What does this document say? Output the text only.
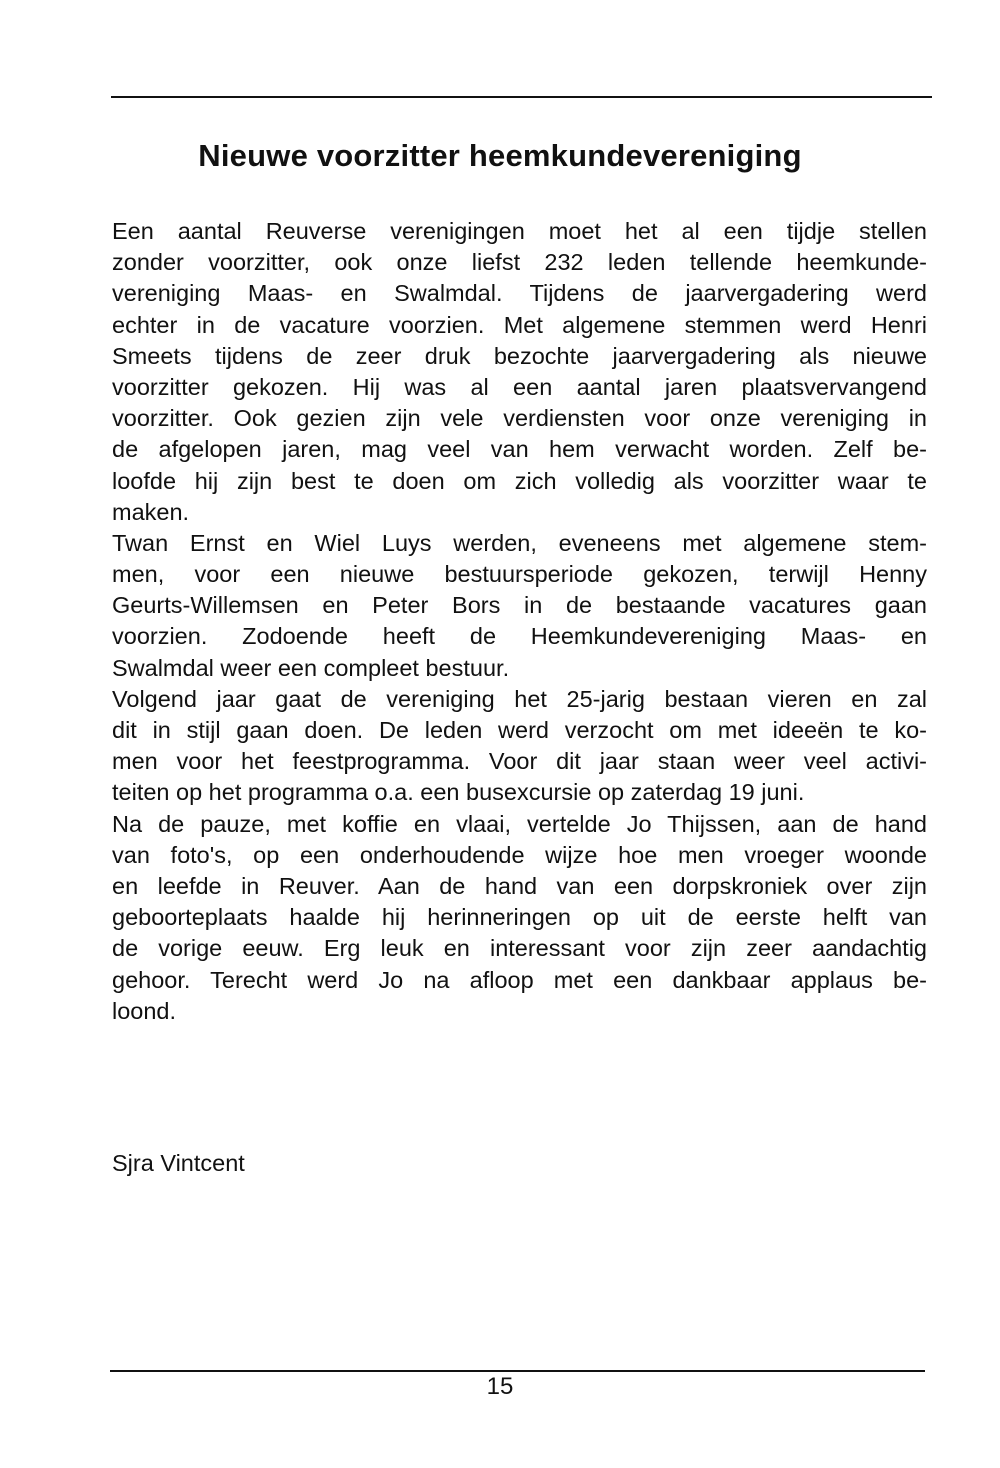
Nieuwe voorzitter heemkundevereniging
Een aantal Reuverse verenigingen moet het al een tijdje stellen
zonder voorzitter, ook onze liefst 232 leden tellende heemkunde-
vereniging Maas- en Swalmdal. Tijdens de jaarvergadering werd
echter in de vacature voorzien. Met algemene stemmen werd Henri
Smeets tijdens de zeer druk bezochte jaarvergadering als nieuwe
voorzitter gekozen. Hij was al een aantal jaren plaatsvervangend
voorzitter. Ook gezien zijn vele verdiensten voor onze vereniging in
de afgelopen jaren, mag veel van hem verwacht worden. Zelf be-
loofde hij zijn best te doen om zich volledig als voorzitter waar te
maken.
Twan Ernst en Wiel Luys werden, eveneens met algemene stem-
men, voor een nieuwe bestuursperiode gekozen, terwijl Henny
Geurts-Willemsen en Peter Bors in de bestaande vacatures gaan
voorzien. Zodoende heeft de Heemkundevereniging Maas- en
Swalmdal weer een compleet bestuur.
Volgend jaar gaat de vereniging het 25-jarig bestaan vieren en zal
dit in stijl gaan doen. De leden werd verzocht om met ideeën te ko-
men voor het feestprogramma. Voor dit jaar staan weer veel activi-
teiten op het programma o.a. een busexcursie op zaterdag 19 juni.
Na de pauze, met koffie en vlaai, vertelde Jo Thijssen, aan de hand
van foto's, op een onderhoudende wijze hoe men vroeger woonde
en leefde in Reuver. Aan de hand van een dorpskroniek over zijn
geboorteplaats haalde hij herinneringen op uit de eerste helft van
de vorige eeuw. Erg leuk en interessant voor zijn zeer aandachtig
gehoor. Terecht werd Jo na afloop met een dankbaar applaus be-
loond.
Sjra Vintcent
15
